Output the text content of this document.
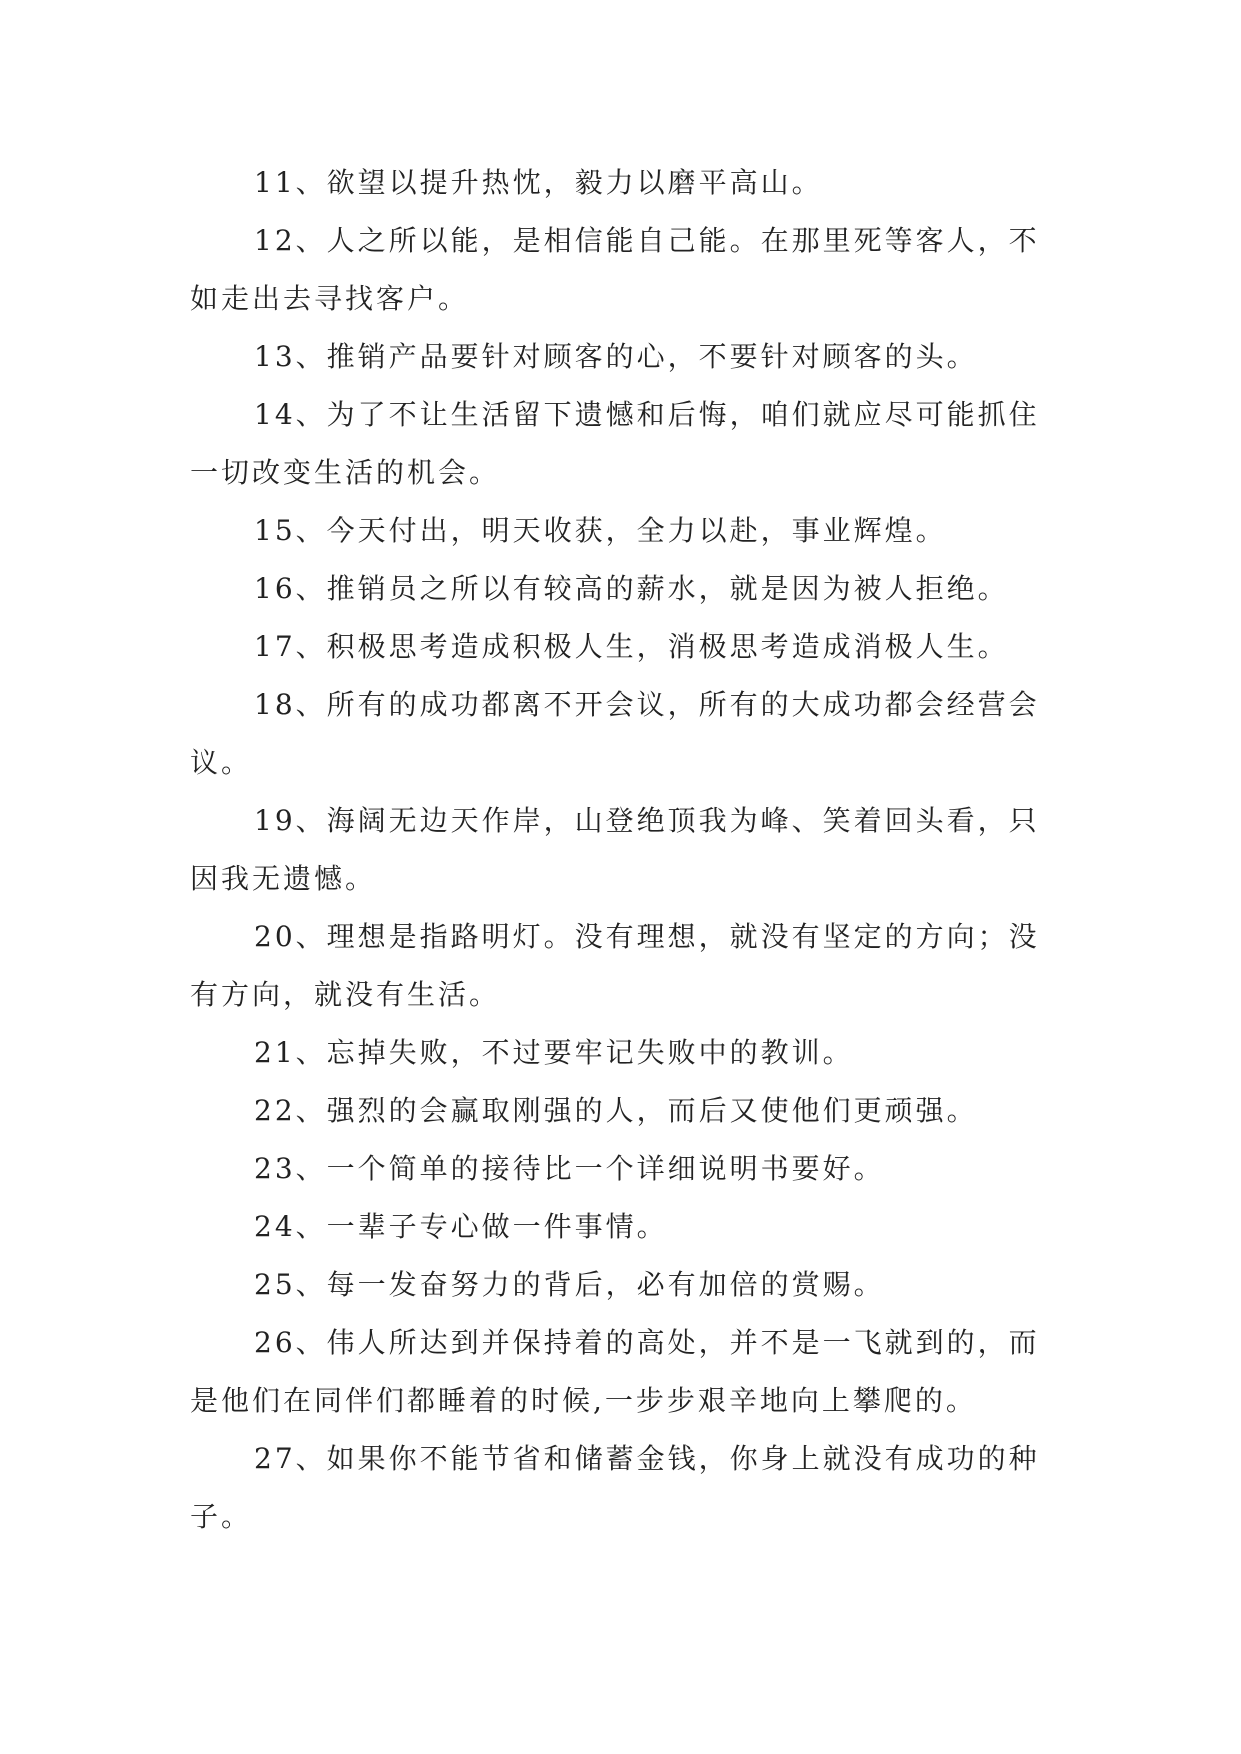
11、欲望以提升热忱，毅力以磨平高山。

12、人之所以能，是相信能自己能。在那里死等客人，不如走出去寻找客户。

13、推销产品要针对顾客的心，不要针对顾客的头。

14、为了不让生活留下遗憾和后悔，咱们就应尽可能抓住一切改变生活的机会。

15、今天付出，明天收获，全力以赴，事业辉煌。

16、推销员之所以有较高的薪水，就是因为被人拒绝。

17、积极思考造成积极人生，消极思考造成消极人生。

18、所有的成功都离不开会议，所有的大成功都会经营会议。

19、海阔无边天作岸，山登绝顶我为峰、笑着回头看，只因我无遗憾。

20、理想是指路明灯。没有理想，就没有坚定的方向；没有方向，就没有生活。

21、忘掉失败，不过要牢记失败中的教训。

22、强烈的会赢取刚强的人，而后又使他们更顽强。

23、一个简单的接待比一个详细说明书要好。

24、一辈子专心做一件事情。

25、每一发奋努力的背后，必有加倍的赏赐。

26、伟人所达到并保持着的高处，并不是一飞就到的，而是他们在同伴们都睡着的时候,一步步艰辛地向上攀爬的。

27、如果你不能节省和储蓄金钱，你身上就没有成功的种子。
